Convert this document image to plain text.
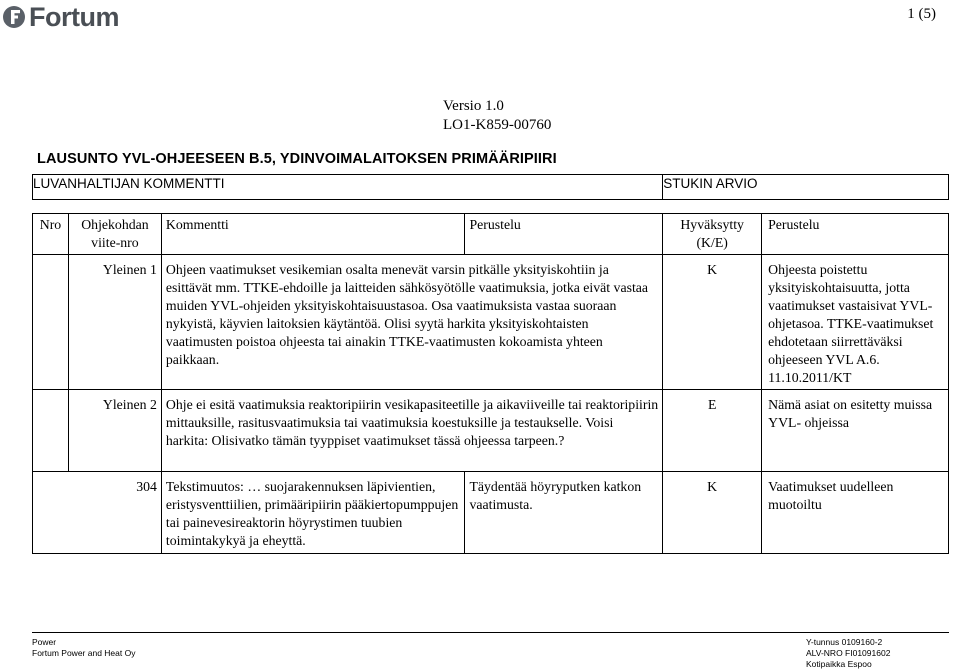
Fortum	1 (5)
Versio 1.0
LO1-K859-00760
LAUSUNTO YVL-OHJEESEEN B.5, YDINVOIMALAITOKSEN PRIMÄÄRIPIIRI
LUVANHALTIJAN KOMMENTTI				STUKIN ARVIO	

Nro	Ohjekohdan viite-nro	Kommentti	Perustelu	Hyväksytty (K/E)	Perustelu
	Yleinen 1	Ohjeen vaatimukset vesikemian osalta menevät varsin pitkälle yksityiskohtiin ja esittävät mm. TTKE-ehdoille ja laitteiden sähkösyötölle vaatimuksia, jotka eivät vastaa muiden YVL-ohjeiden yksityiskohtaisuustasoa. Osa vaatimuksista vastaa suoraan nykyistä, käyvien laitoksien käytäntöä. Olisi syytä harkita yksityiskohtaisten vaatimusten poistoa ohjeesta tai ainakin TTKE-vaatimusten kokoamista yhteen paikkaan.		K	Ohjeesta poistettu yksityiskohtaisuutta, jotta vaatimukset vastaisivat YVL-ohjetasoa. TTKE-vaatimukset ehdotetaan siirrettäväksi ohjeeseen YVL A.6. 11.10.2011/KT
	Yleinen 2	Ohje ei esitä vaatimuksia reaktoripiirin vesikapasiteetille ja aikaviiveille tai reaktoripiirin mittauksille, rasitusvaatimuksia tai vaatimuksia koestuksille ja testaukselle. Voisi harkita: Olisivatko tämän tyyppiset vaatimukset tässä ohjeessa tarpeen.?		E	Nämä asiat on esitetty muissa YVL- ohjeissa
304		Tekstimuutos: … suojarakennuksen läpivientien, eristysventtiilien, primääripiirin pääkiertopumppujen tai painevesireaktorin höyrystimen tuubien toimintakykyä ja eheyttä.	Täydentää höyryputken katkon vaatimusta.	K	Vaatimukset uudelleen muotoiltu
Power
Fortum Power and Heat Oy
Y-tunnus 0109160-2
ALV-NRO FI01091602
Kotipaikka Espoo
